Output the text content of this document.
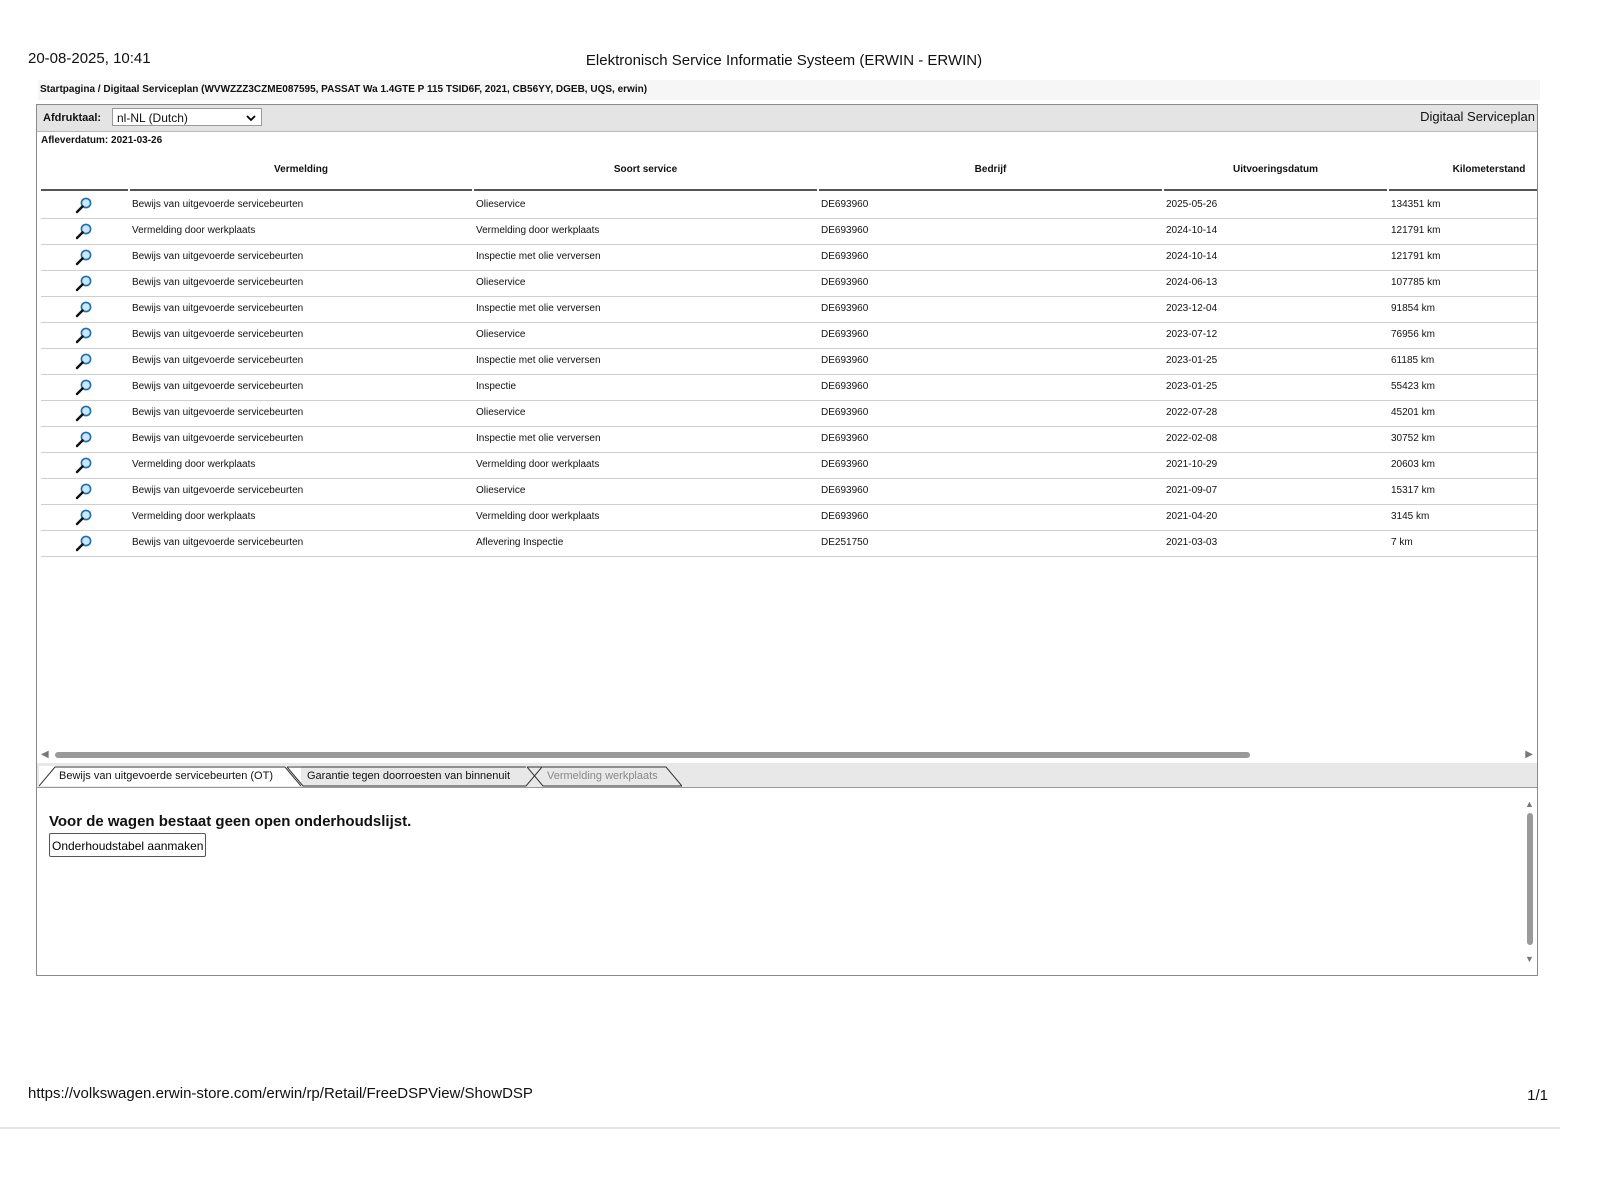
20-08-2025, 10:41	Elektronisch Service Informatie Systeem (ERWIN - ERWIN)
Startpagina / Digitaal Serviceplan (WVWZZZ3CZME087595, PASSAT Wa 1.4GTE P 115 TSID6F, 2021, CB56YY, DGEB, UQS, erwin)
Afdruktaal:	nl-NL (Dutch)	Digitaal Serviceplan
Afleverdatum: 2021-03-26
Vermelding	Soort service	Bedrijf	Uitvoeringsdatum	Kilometerstand
Bewijs van uitgevoerde servicebeurten	Olieservice	DE693960	2025-05-26	134351 km
Vermelding door werkplaats	Vermelding door werkplaats	DE693960	2024-10-14	121791 km
Bewijs van uitgevoerde servicebeurten	Inspectie met olie verversen	DE693960	2024-10-14	121791 km
Bewijs van uitgevoerde servicebeurten	Olieservice	DE693960	2024-06-13	107785 km
Bewijs van uitgevoerde servicebeurten	Inspectie met olie verversen	DE693960	2023-12-04	91854 km
Bewijs van uitgevoerde servicebeurten	Olieservice	DE693960	2023-07-12	76956 km
Bewijs van uitgevoerde servicebeurten	Inspectie met olie verversen	DE693960	2023-01-25	61185 km
Bewijs van uitgevoerde servicebeurten	Inspectie	DE693960	2023-01-25	55423 km
Bewijs van uitgevoerde servicebeurten	Olieservice	DE693960	2022-07-28	45201 km
Bewijs van uitgevoerde servicebeurten	Inspectie met olie verversen	DE693960	2022-02-08	30752 km
Vermelding door werkplaats	Vermelding door werkplaats	DE693960	2021-10-29	20603 km
Bewijs van uitgevoerde servicebeurten	Olieservice	DE693960	2021-09-07	15317 km
Vermelding door werkplaats	Vermelding door werkplaats	DE693960	2021-04-20	3145 km
Bewijs van uitgevoerde servicebeurten	Aflevering Inspectie	DE251750	2021-03-03	7 km
◀	▶
Bewijs van uitgevoerde servicebeurten (OT)	Garantie tegen doorroesten van binnenuit	Vermelding werkplaats
Voor de wagen bestaat geen open onderhoudslijst.
Onderhoudstabel aanmaken
▲
▼
https://volkswagen.erwin-store.com/erwin/rp/Retail/FreeDSPView/ShowDSP	1/1
